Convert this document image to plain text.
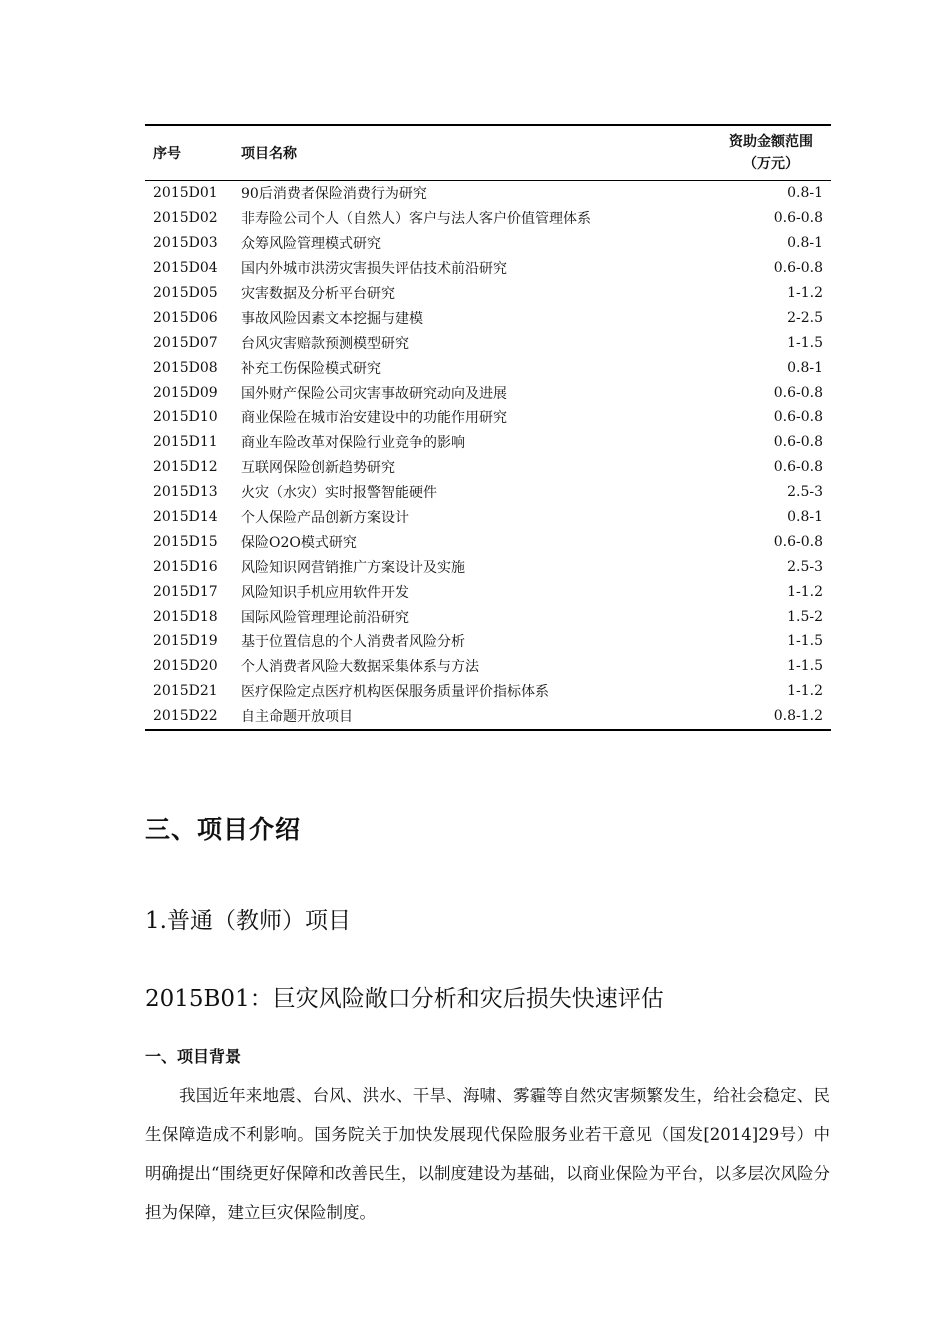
序号	项目名称	资助金额范围
（万元）

2015D01	90后消费者保险消费行为研究	0.8-1
2015D02	非寿险公司个人（自然人）客户与法人客户价值管理体系	0.6-0.8
2015D03	众筹风险管理模式研究	0.8-1
2015D04	国内外城市洪涝灾害损失评估技术前沿研究	0.6-0.8
2015D05	灾害数据及分析平台研究	1-1.2
2015D06	事故风险因素文本挖掘与建模	2-2.5
2015D07	台风灾害赔款预测模型研究	1-1.5
2015D08	补充工伤保险模式研究	0.8-1
2015D09	国外财产保险公司灾害事故研究动向及进展	0.6-0.8
2015D10	商业保险在城市治安建设中的功能作用研究	0.6-0.8
2015D11	商业车险改革对保险行业竞争的影响	0.6-0.8
2015D12	互联网保险创新趋势研究	0.6-0.8
2015D13	火灾（水灾）实时报警智能硬件	2.5-3
2015D14	个人保险产品创新方案设计	0.8-1
2015D15	保险O2O模式研究	0.6-0.8
2015D16	风险知识网营销推广方案设计及实施	2.5-3
2015D17	风险知识手机应用软件开发	1-1.2
2015D18	国际风险管理理论前沿研究	1.5-2
2015D19	基于位置信息的个人消费者风险分析	1-1.5
2015D20	个人消费者风险大数据采集体系与方法	1-1.5
2015D21	医疗保险定点医疗机构医保服务质量评价指标体系	1-1.2
2015D22	自主命题开放项目	0.8-1.2
三、项目介绍
1.普通（教师）项目
2015B01：巨灾风险敞口分析和灾后损失快速评估
一、项目背景
我国近年来地震、台风、洪水、干旱、海啸、雾霾等自然灾害频繁发生，给社会稳定、民生保障造成不利影响。国务院关于加快发展现代保险服务业若干意见（国发[2014]29号）中明确提出“围绕更好保障和改善民生，以制度建设为基础，以商业保险为平台，以多层次风险分担为保障，建立巨灾保险制度。
